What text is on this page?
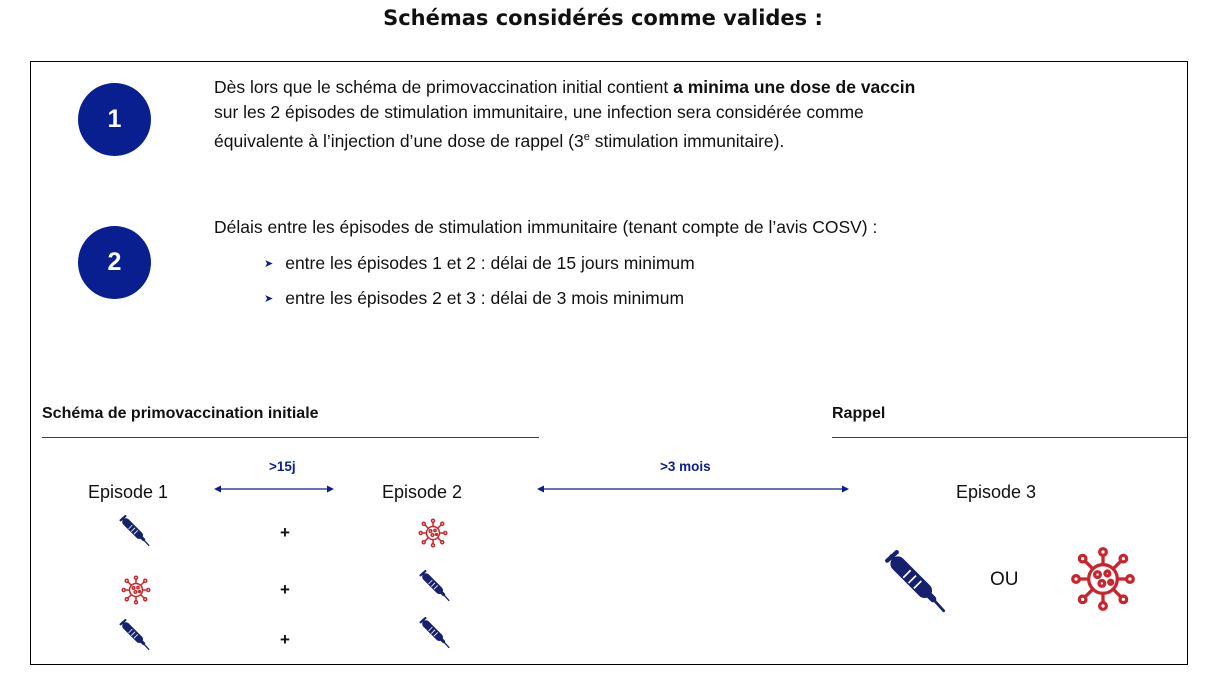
Schémas considérés comme valides :
1
Dès lors que le schéma de primovaccination initial contient a minima une dose de vaccin
sur les 2 épisodes de stimulation immunitaire, une infection sera considérée comme
équivalente à l’injection d’une dose de rappel (3e stimulation immunitaire).
2
Délais entre les épisodes de stimulation immunitaire (tenant compte de l’avis COSV) :
➤ entre les épisodes 1 et 2 : délai de 15 jours minimum
➤ entre les épisodes 2 et 3 : délai de 3 mois minimum
Schéma de primovaccination initiale	Rappel
Episode 1	Episode 2	Episode 3
>15j	>3 mois
+
+
+
OU
